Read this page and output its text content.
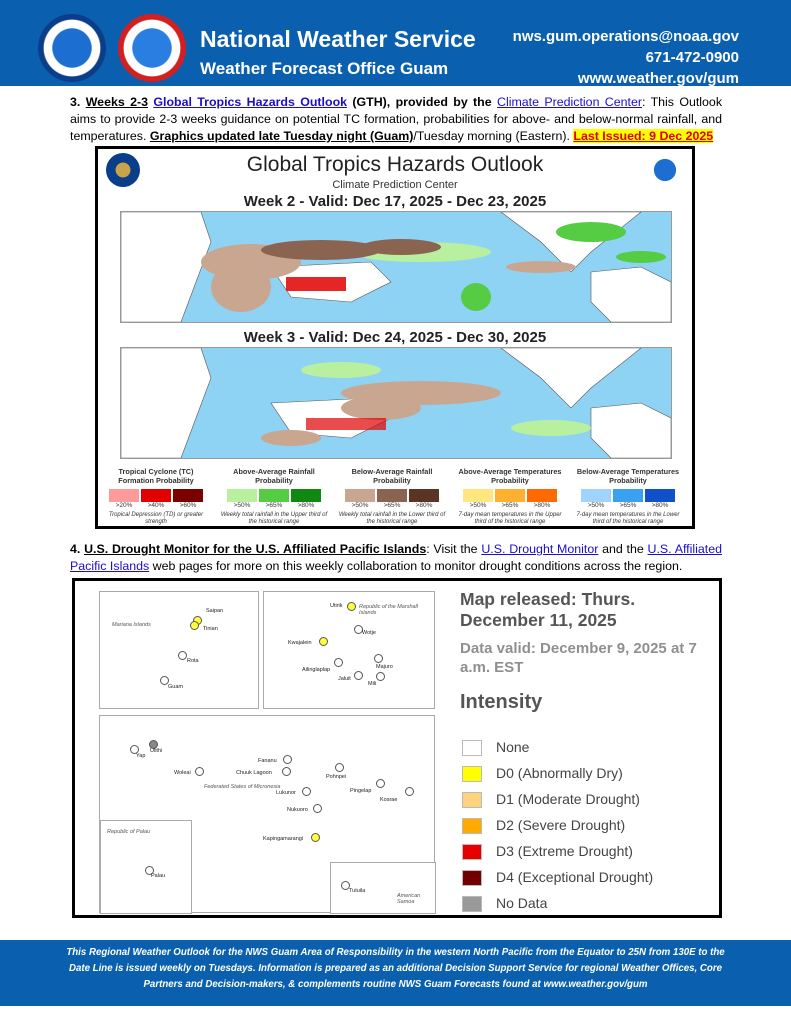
National Weather Service
Weather Forecast Office Guam
nws.gum.operations@noaa.gov
671-472-0900
www.weather.gov/gum
3. Weeks 2-3 Global Tropics Hazards Outlook (GTH), provided by the Climate Prediction Center: This Outlook aims to provide 2-3 weeks guidance on potential TC formation, probabilities for above- and below-normal rainfall, and temperatures. Graphics updated late Tuesday night (Guam)/Tuesday morning (Eastern). Last Issued: 9 Dec 2025
Global Tropics Hazards Outlook
Climate Prediction Center
Week 2 - Valid: Dec 17, 2025 - Dec 23, 2025
Week 3 - Valid: Dec 24, 2025 - Dec 30, 2025
Tropical Cyclone (TC) Formation Probability
>20%	>40%	>60%
Tropical Depression (TD) or greater strength
Above-Average Rainfall Probability
>50%	>65%	>80%
Weekly total rainfall in the Upper third of the historical range
Below-Average Rainfall Probability
>50%	>65%	>80%
Weekly total rainfall in the Lower third of the historical range
Above-Average Temperatures Probability
>50%	>65%	>80%
7-day mean temperatures in the Upper third of the historical range
Below-Average Temperatures Probability
>50%	>65%	>80%
7-day mean temperatures in the Lower third of the historical range
4. U.S. Drought Monitor for the U.S. Affiliated Pacific Islands: Visit the U.S. Drought Monitor and the U.S. Affiliated Pacific Islands web pages for more on this weekly collaboration to monitor drought conditions across the region.
Mariana Islands
Saipan
Tinian
Rota
Guam
Republic of the Marshall Islands
Utirik
Wotje
Kwajalein
Majuro
Ailinglaplap
Jaluit
Mili
Yap
Ulithi
Woleai
Fananu
Chuuk Lagoon
Federated States of Micronesia
Pohnpei
Pingelap
Kosrae
Lukunor
Nukuoro
Kapingamarangi
Republic of Palau
Palau
Tutuila
American Samoa
Map released: Thurs. December 11, 2025
Data valid: December 9, 2025 at 7 a.m. EST
Intensity
None
D0 (Abnormally Dry)
D1 (Moderate Drought)
D2 (Severe Drought)
D3 (Extreme Drought)
D4 (Exceptional Drought)
No Data
This Regional Weather Outlook for the NWS Guam Area of Responsibility in the western North Pacific from the Equator to 25N from 130E to the Date Line is issued weekly on Tuesdays. Information is prepared as an additional Decision Support Service for regional Weather Offices, Core Partners and Decision-makers, & complements routine NWS Guam Forecasts found at www.weather.gov/gum
